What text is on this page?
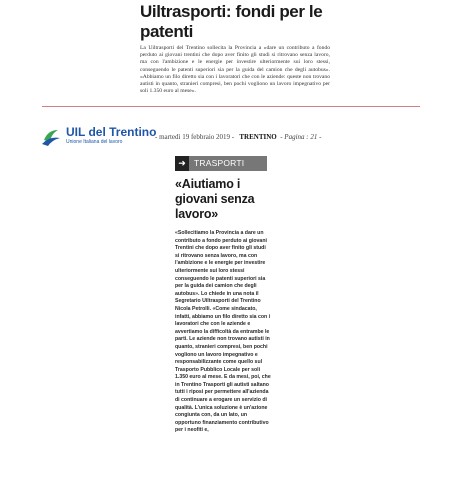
Uiltrasporti: fondi per le patenti

La Uiltrasporti del Trentino sollecita la Provincia a «dare un contributo a fondo perduto ai giovani trentini che dopo aver finito gli studi si ritrovano senza lavoro, ma con l'ambizione e le energie per investire ulteriormente sui loro stessi, conseguendo le patenti superiori sia per la guida del camion che degli autobus». «Abbiamo un filo diretto sia con i lavoratori che con le aziende: queste non trovano autisti in quanto, stranieri compresi, ben pochi vogliono un lavoro impegnativo per soli 1.350 euro al mese».

UIL del Trentino
Unione Italiana del lavoro
- martedì 19 febbraio 2019 - TRENTINO - Pagina : 21 -
➜ TRASPORTI
«Aiutiamo i giovani senza lavoro»

«Sollecitiamo la Provincia a dare un contributo a fondo perduto ai giovani Trentini che dopo aver finito gli studi si ritrovano senza lavoro, ma con l'ambizione e le energie per investire ulteriormente sui loro stessi conseguendo le patenti superiori sia per la guida dei camion che degli autobus». Lo chiede in una nota il Segretario Uiltrasporti del Trentino Nicola Petrolli. «Come sindacato, infatti, abbiamo un filo diretto sia con i lavoratori che con le aziende e avvertiamo la difficoltà da entrambe le parti. Le aziende non trovano autisti in quanto, stranieri compresi, ben pochi vogliono un lavoro impegnativo e responsabilizzante come quello sul Trasporto Pubblico Locale per soli 1.350 euro al mese. E da mesi, poi, che in Trentino Trasporti gli autisti saltano tutti i riposi per permettere all'azienda di continuare a erogare un servizio di qualità. L'unica soluzione è un'azione congiunta con, da un lato, un opportuno finanziamento contributivo per i neofiti e,
